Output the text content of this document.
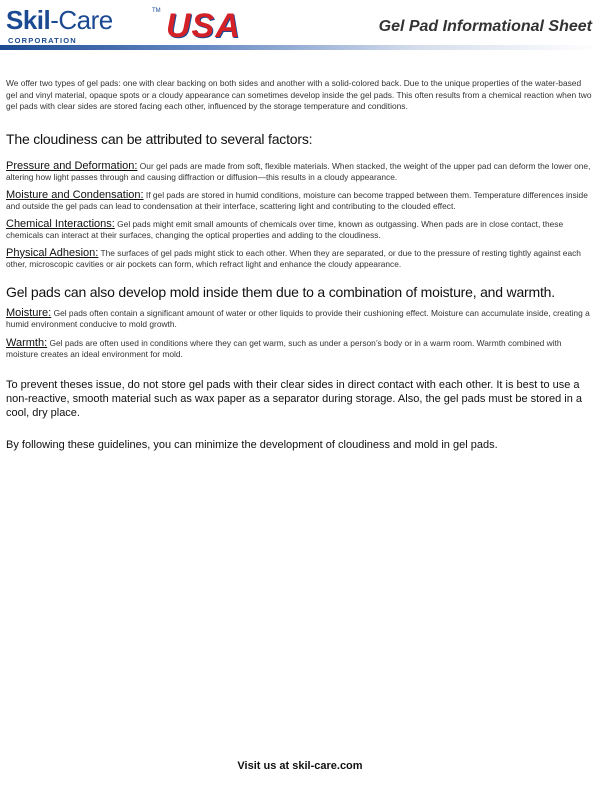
Skil-Care	TM
CORPORATION	USA	Gel Pad Informational Sheet

We offer two types of gel pads: one with clear backing on both sides and another with a solid-colored back. Due to the unique properties of the water-based gel and vinyl material, opaque spots or a cloudy appearance can sometimes develop inside the gel pads. This often results from a chemical reaction when two gel pads with clear sides are stored facing each other, influenced by the storage temperature and conditions.

The cloudiness can be attributed to several factors:

Pressure and Deformation: Our gel pads are made from soft, flexible materials. When stacked, the weight of the upper pad can deform the lower one, altering how light passes through and causing diffraction or diffusion—this results in a cloudy appearance.

Moisture and Condensation: If gel pads are stored in humid conditions, moisture can become trapped between them. Temperature differences inside and outside the gel pads can lead to condensation at their interface, scattering light and contributing to the clouded effect.

Chemical Interactions: Gel pads might emit small amounts of chemicals over time, known as outgassing. When pads are in close contact, these chemicals can interact at their surfaces, changing the optical properties and adding to the cloudiness.

Physical Adhesion: The surfaces of gel pads might stick to each other. When they are separated, or due to the pressure of resting tightly against each other, microscopic cavities or air pockets can form, which refract light and enhance the cloudy appearance.

Gel pads can also develop mold inside them due to a combination of moisture, and warmth.

Moisture: Gel pads often contain a significant amount of water or other liquids to provide their cushioning effect. Moisture can accumulate inside, creating a humid environment conducive to mold growth.

Warmth: Gel pads are often used in conditions where they can get warm, such as under a person’s body or in a warm room. Warmth combined with moisture creates an ideal environment for mold.

To prevent theses issue, do not store gel pads with their clear sides in direct contact with each other. It is best to use a non-reactive, smooth material such as wax paper as a separator during storage. Also, the gel pads must be stored in a cool, dry place.

By following these guidelines, you can minimize the development of cloudiness and mold in gel pads.

Visit us at skil-care.com
